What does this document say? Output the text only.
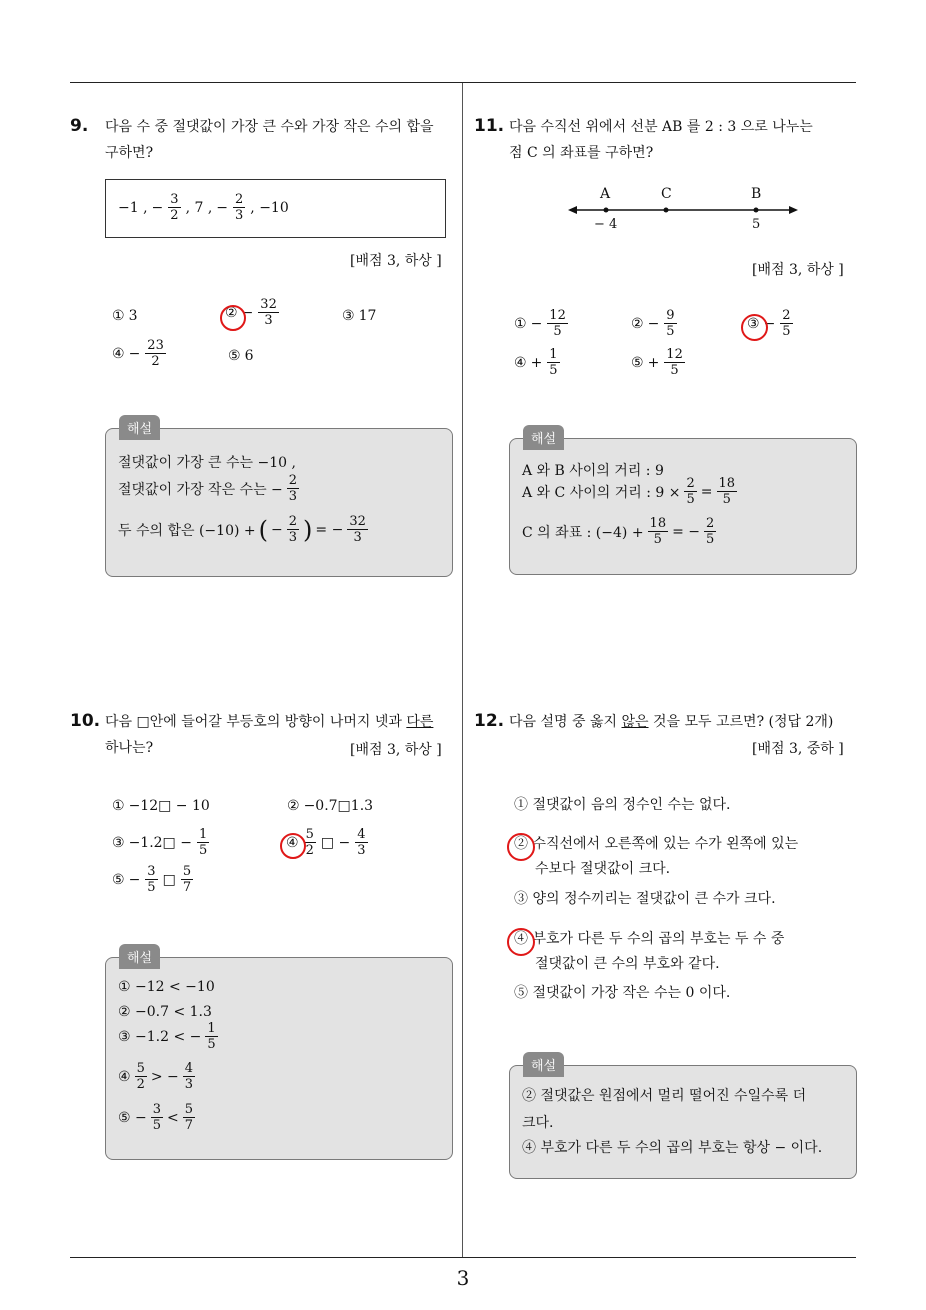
3
9. 다음 수 중 절댓값이 가장 큰 수와 가장 작은 수의 합을
구하면?
−1 , − $\frac{3}{2}$ , 7 , − $\frac{2}{3}$ , −10
[배점 3, 하상 ]
① 3	② − $\frac{32}{3}$	③ 17
④ − $\frac{23}{2}$	⑤ 6
해설
절댓값이 가장 큰 수는 −10 ,
절댓값이 가장 작은 수는 − $\frac{2}{3}$
두 수의 합은 (−10) + ( − $\frac{2}{3}$ ) = − $\frac{32}{3}$
10. 다음 □안에 들어갈 부등호의 방향이 나머지 넷과 다른
하나는?	[배점 3, 하상 ]
① −12□ − 10	② −0.7□1.3
③ −1.2□ − $\frac{1}{5}$	④ $\frac{5}{2}$ □ − $\frac{4}{3}$
⑤ − $\frac{3}{5}$ □ $\frac{5}{7}$
해설
① −12 < −10
② −0.7 < 1.3
③ −1.2 < − $\frac{1}{5}$
④ $\frac{5}{2}$ > − $\frac{4}{3}$
⑤ − $\frac{3}{5} < \frac{5}{7}$
11. 다음 수직선 위에서 선분 AB 를 2 : 3 으로 나누는
점 C 의 좌표를 구하면?
A	C	B
− 4	5
[배점 3, 하상 ]
① − $\frac{12}{5}$	② − $\frac{9}{5}$	③ − $\frac{2}{5}$
④ + $\frac{1}{5}$	⑤ + $\frac{12}{5}$
해설
A 와 B 사이의 거리 : 9
A 와 C 사이의 거리 : $9 \times \frac{2}{5} = \frac{18}{5}$
C 의 좌표 : $(-4) + \frac{18}{5}$ = − $\frac{2}{5}$
12. 다음 설명 중 옳지 않은 것을 모두 고르면? (정답 2개)
[배점 3, 중하 ]
① 절댓값이 음의 정수인 수는 없다.
② 수직선에서 오른쪽에 있는 수가 왼쪽에 있는
수보다 절댓값이 크다.
③ 양의 정수끼리는 절댓값이 큰 수가 크다.
④ 부호가 다른 두 수의 곱의 부호는 두 수 중
절댓값이 큰 수의 부호와 같다.
⑤ 절댓값이 가장 작은 수는 0 이다.
해설
② 절댓값은 원점에서 멀리 떨어진 수일수록 더
크다.
④ 부호가 다른 두 수의 곱의 부호는 항상 − 이다.
